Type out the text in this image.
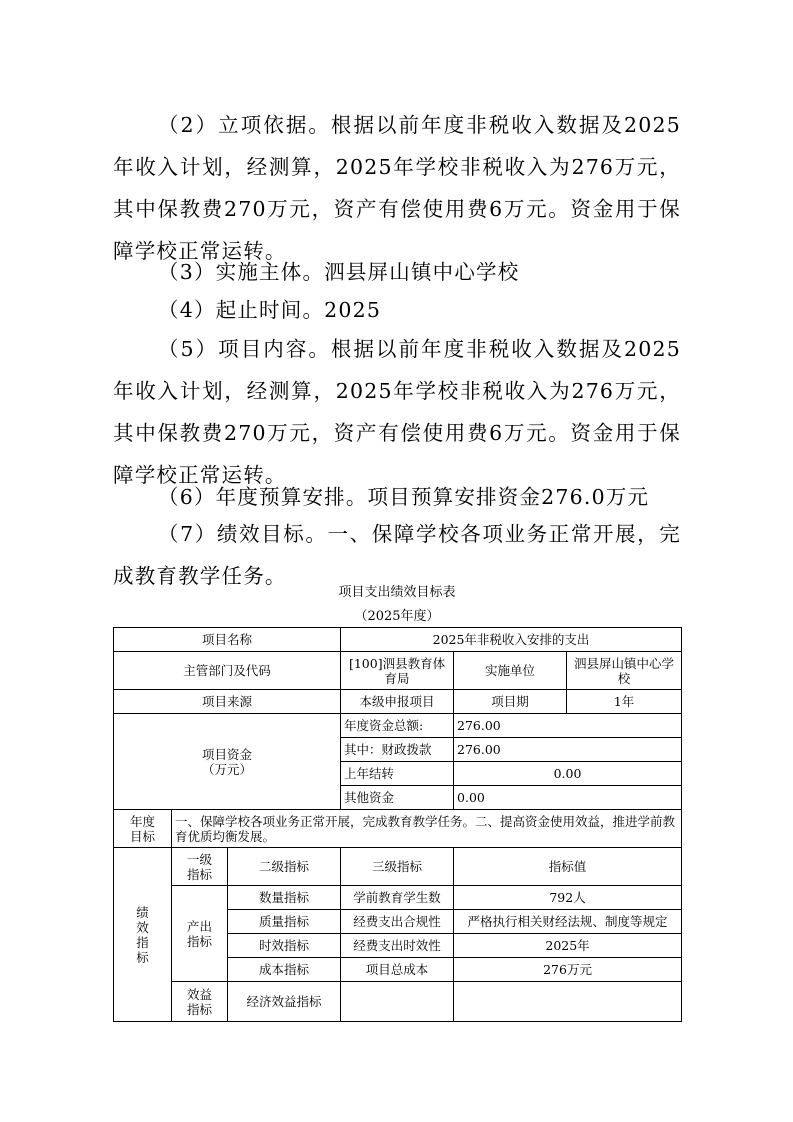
（2）立项依据。根据以前年度非税收入数据及2025年收入计划，经测算，2025年学校非税收入为276万元，其中保教费270万元，资产有偿使用费6万元。资金用于保障学校正常运转。

（3）实施主体。泗县屏山镇中心学校

（4）起止时间。2025

（5）项目内容。根据以前年度非税收入数据及2025年收入计划，经测算，2025年学校非税收入为276万元，其中保教费270万元，资产有偿使用费6万元。资金用于保障学校正常运转。

（6）年度预算安排。项目预算安排资金276.0万元

（7）绩效目标。一、保障学校各项业务正常开展，完成教育教学任务。

项目支出绩效目标表
（2025年度）
项目名称			2025年非税收入安排的支出		
主管部门及代码			[100]泗县教育体育局	实施单位	泗县屏山镇中心学校
项目来源			本级申报项目	项目期	1年

项目资金
（万元）			年度资金总额:	276.00	
			其中：财政拨款	276.00	
			上年结转	0.00	
			其他资金	0.00	

年度目标	一、保障学校各项业务正常开展，完成教育教学任务。二、提高资金使用效益，推进学前教育优质均衡发展。				

绩效指标	一级指标	二级指标	三级指标	指标值	

	产出指标	数量指标	学前教育学生数	792人	
		质量指标	经费支出合规性	严格执行相关财经法规、制度等规定	
		时效指标	经费支出时效性	2025年	
		成本指标	项目总成本	276万元	

	效益指标	经济效益指标			
